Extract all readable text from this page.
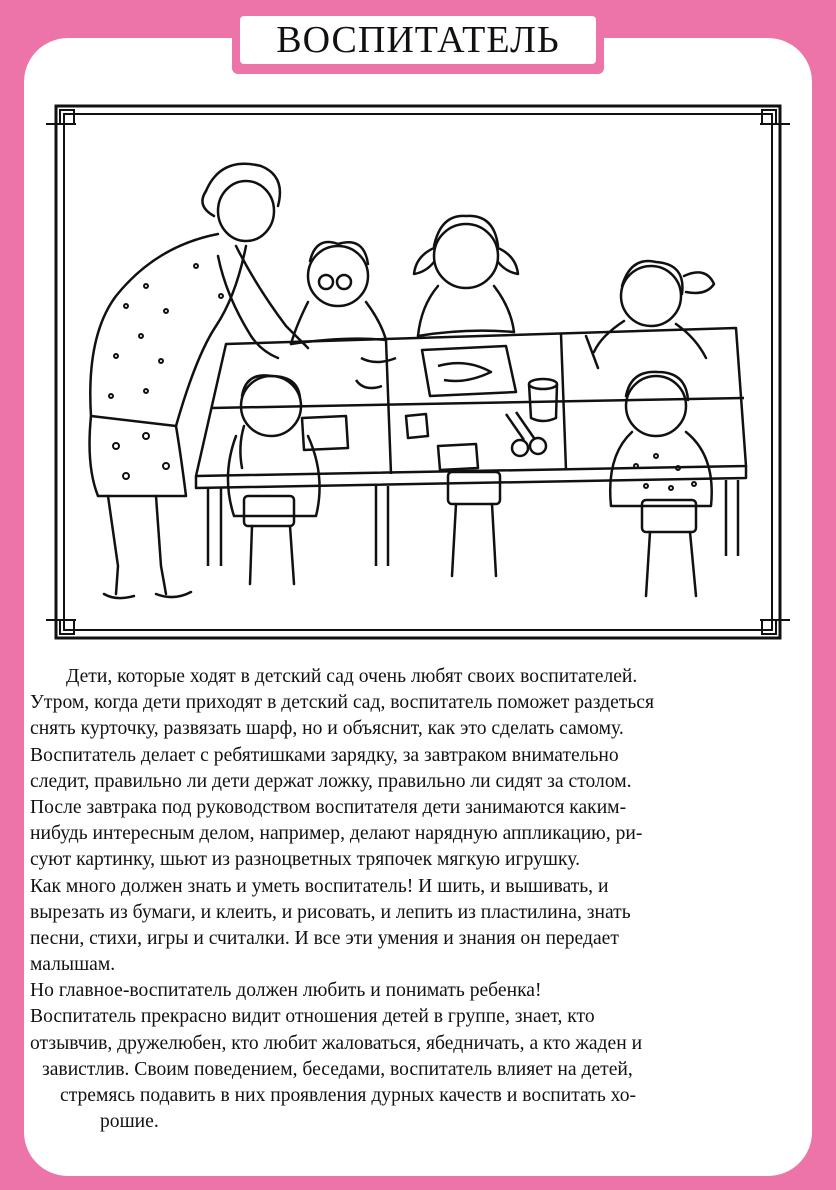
ВОСПИТАТЕЛЬ
Дети, которые ходят в детский сад очень любят своих воспитателей.
Утром, когда дети приходят в детский сад, воспитатель поможет раздеться
снять курточку, развязать шарф, но и объяснит, как это сделать самому.
Воспитатель делает с ребятишками зарядку, за завтраком внимательно
следит, правильно ли дети держат ложку, правильно ли сидят за столом.
После завтрака под руководством воспитателя дети занимаются каким-
нибудь интересным делом, например, делают нарядную аппликацию, ри-
суют картинку, шьют из разноцветных тряпочек мягкую игрушку.
Как много должен знать и уметь воспитатель! И шить, и вышивать, и
вырезать из бумаги, и клеить, и рисовать, и лепить из пластилина, знать
песни, стихи, игры и считалки. И все эти умения и знания он передает
малышам.
Но главное-воспитатель должен любить и понимать ребенка!
Воспитатель прекрасно видит отношения детей в группе, знает, кто
отзывчив, дружелюбен, кто любит жаловаться, ябедничать, а кто жаден и
завистлив. Своим поведением, беседами, воспитатель влияет на детей,
стремясь подавить в них проявления дурных качеств и воспитать хо-
рошие.
